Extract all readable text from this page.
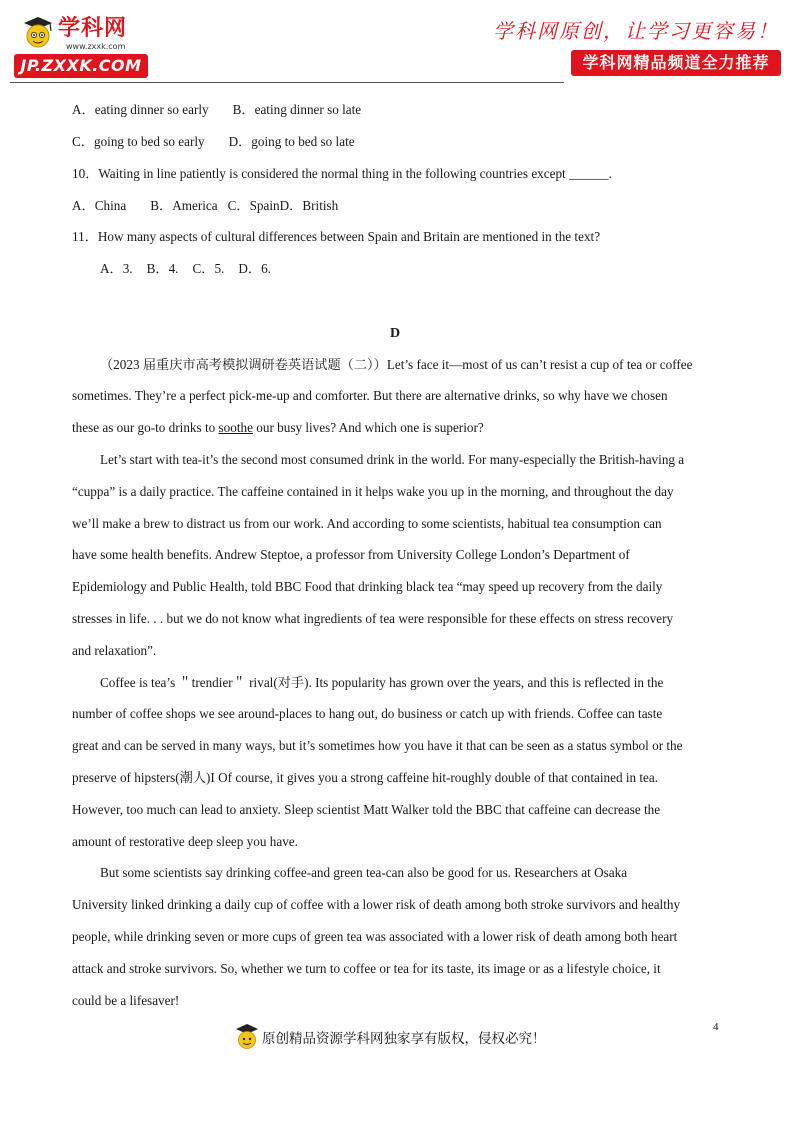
学科网
www.zxxk.com
JP.ZXXK.COM
学科网原创，让学习更容易！
学科网精品频道全力推荐
A．eating dinner so early B．eating dinner so late
C．going to bed so early D．going to bed so late
10．Waiting in line patiently is considered the normal thing in the following countries except ______.
A．China B．America C．SpainD．British
11．How many aspects of cultural differences between Spain and Britain are mentioned in the text?
A．3. B．4. C．5. D．6.
D
（2023 届重庆市高考模拟调研卷英语试题（二））Let’s face it—most of us can’t resist a cup of tea or coffee
sometimes. They’re a perfect pick-me-up and comforter. But there are alternative drinks, so why have we chosen
these as our go-to drinks to soothe our busy lives? And which one is superior?
Let’s start with tea-it’s the second most consumed drink in the world. For many-especially the British-having a
“cuppa” is a daily practice. The caffeine contained in it helps wake you up in the morning, and throughout the day
we’ll make a brew to distract us from our work. And according to some scientists, habitual tea consumption can
have some health benefits. Andrew Steptoe, a professor from University College London’s Department of
Epidemiology and Public Health, told BBC Food that drinking black tea “may speed up recovery from the daily
stresses in life. . . but we do not know what ingredients of tea were responsible for these effects on stress recovery
and relaxation”.
Coffee is tea’s ＂trendier＂ rival(对手). Its popularity has grown over the years, and this is reflected in the
number of coffee shops we see around-places to hang out, do business or catch up with friends. Coffee can taste
great and can be served in many ways, but it’s sometimes how you have it that can be seen as a status symbol or the
preserve of hipsters(潮人)I Of course, it gives you a strong caffeine hit-roughly double of that contained in tea.
However, too much can lead to anxiety. Sleep scientist Matt Walker told the BBC that caffeine can decrease the
amount of restorative deep sleep you have.
But some scientists say drinking coffee-and green tea-can also be good for us. Researchers at Osaka
University linked drinking a daily cup of coffee with a lower risk of death among both stroke survivors and healthy
people, while drinking seven or more cups of green tea was associated with a lower risk of death among both heart
attack and stroke survivors. So, whether we turn to coffee or tea for its taste, its image or as a lifestyle choice, it
could be a lifesaver!
4
原创精品资源学科网独家享有版权，侵权必究！
